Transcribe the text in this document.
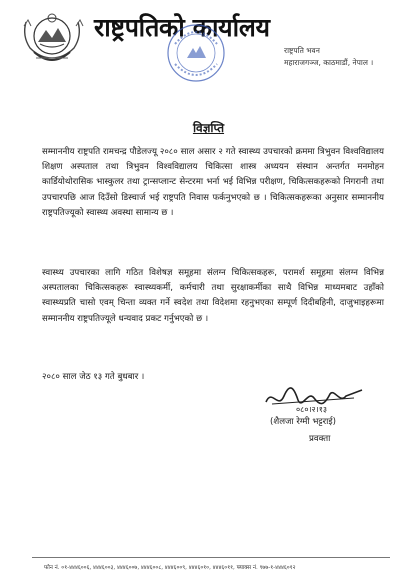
राष्ट्रपतिको कार्यालय
राष्ट्रपति भवन
महाराजगञ्ज, काठमाडौं, नेपाल ।
विज्ञप्ति
सम्माननीय राष्ट्रपति रामचन्द्र पौडेलज्यू २०८० साल असार २ गते स्वास्थ्य उपचारको क्रममा त्रिभुवन विश्वविद्यालय शिक्षण अस्पताल तथा त्रिभुवन विश्वविद्यालय चिकित्सा शास्त्र अध्ययन संस्थान अन्तर्गत मनमोहन कार्डियोथोरासिक भास्कुलर तथा ट्रान्सप्लान्ट सेन्टरमा भर्ना भई विभिन्न परीक्षण, चिकित्सकहरूको निगरानी तथा उपचारपछि आज दिउँसो डिस्चार्ज भई राष्ट्रपति निवास फर्कनुभएको छ । चिकित्सकहरूका अनुसार सम्माननीय राष्ट्रपतिज्यूको स्वास्थ्य अवस्था सामान्य छ ।
स्वास्थ्य उपचारका लागि गठित विशेषज्ञ समूहमा संलग्न चिकित्सकहरू, परामर्श समूहमा संलग्न विभिन्न अस्पतालका चिकित्सकहरू स्वास्थ्यकर्मी, कर्मचारी तथा सुरक्षाकर्मीका साथै विभिन्न माध्यमबाट उहाँको स्वास्थ्यप्रति चासो एवम् चिन्ता व्यक्त गर्ने स्वदेश तथा विदेशमा रहनुभएका सम्पूर्ण दिदीबहिनी, दाजुभाइहरूमा सम्माननीय राष्ट्रपतिज्यूले धन्यवाद प्रकट गर्नुभएको छ ।
२०८० साल जेठ १३ गते बुधबार ।
०८०।२।१३
(शैलजा रेग्मी भट्टराई)
प्रवक्ता
फोन नं. ०१-४४४६००६, ४४४६००३, ४४४६००७, ४४४६००८, ४४४६००९, ४४४६०१०, ४४४६०११, फ्याक्स नं. ९७७-१-४४४६०१२
